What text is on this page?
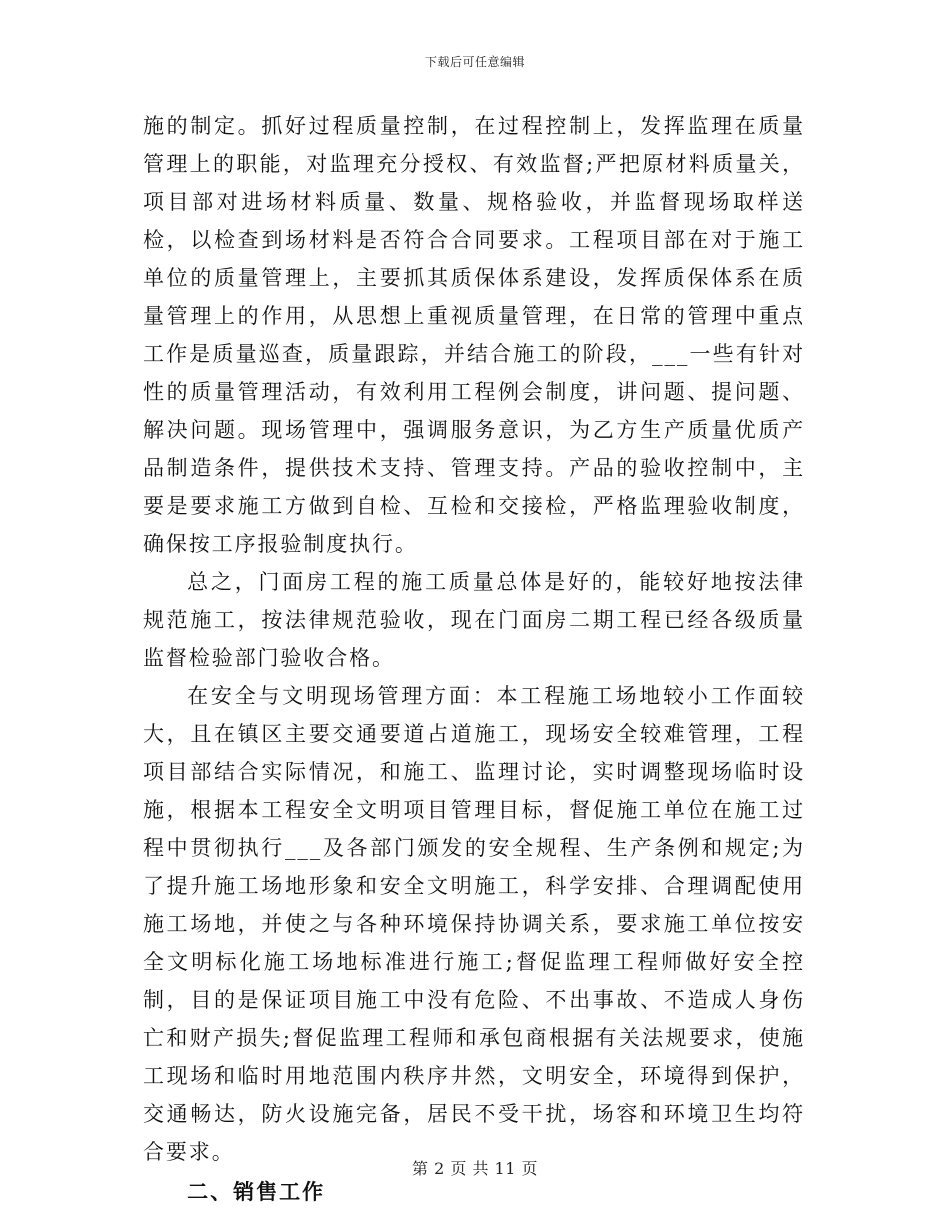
下载后可任意编辑

施的制定。抓好过程质量控制，在过程控制上，发挥监理在质量管理上的职能，对监理充分授权、有效监督;严把原材料质量关，项目部对进场材料质量、数量、规格验收，并监督现场取样送检，以检查到场材料是否符合合同要求。工程项目部在对于施工单位的质量管理上，主要抓其质保体系建设，发挥质保体系在质量管理上的作用，从思想上重视质量管理，在日常的管理中重点工作是质量巡查，质量跟踪，并结合施工的阶段，___一些有针对性的质量管理活动，有效利用工程例会制度，讲问题、提问题、解决问题。现场管理中，强调服务意识，为乙方生产质量优质产品制造条件，提供技术支持、管理支持。产品的验收控制中，主要是要求施工方做到自检、互检和交接检，严格监理验收制度，确保按工序报验制度执行。

总之，门面房工程的施工质量总体是好的，能较好地按法律规范施工，按法律规范验收，现在门面房二期工程已经各级质量监督检验部门验收合格。

在安全与文明现场管理方面：本工程施工场地较小工作面较大，且在镇区主要交通要道占道施工，现场安全较难管理，工程项目部结合实际情况，和施工、监理讨论，实时调整现场临时设施，根据本工程安全文明项目管理目标，督促施工单位在施工过程中贯彻执行___及各部门颁发的安全规程、生产条例和规定;为了提升施工场地形象和安全文明施工，科学安排、合理调配使用施工场地，并使之与各种环境保持协调关系，要求施工单位按安全文明标化施工场地标准进行施工;督促监理工程师做好安全控制，目的是保证项目施工中没有危险、不出事故、不造成人身伤亡和财产损失;督促监理工程师和承包商根据有关法规要求，使施工现场和临时用地范围内秩序井然，文明安全，环境得到保护，交通畅达，防火设施完备，居民不受干扰，场容和环境卫生均符合要求。

二、销售工作

第 2 页 共 11 页
